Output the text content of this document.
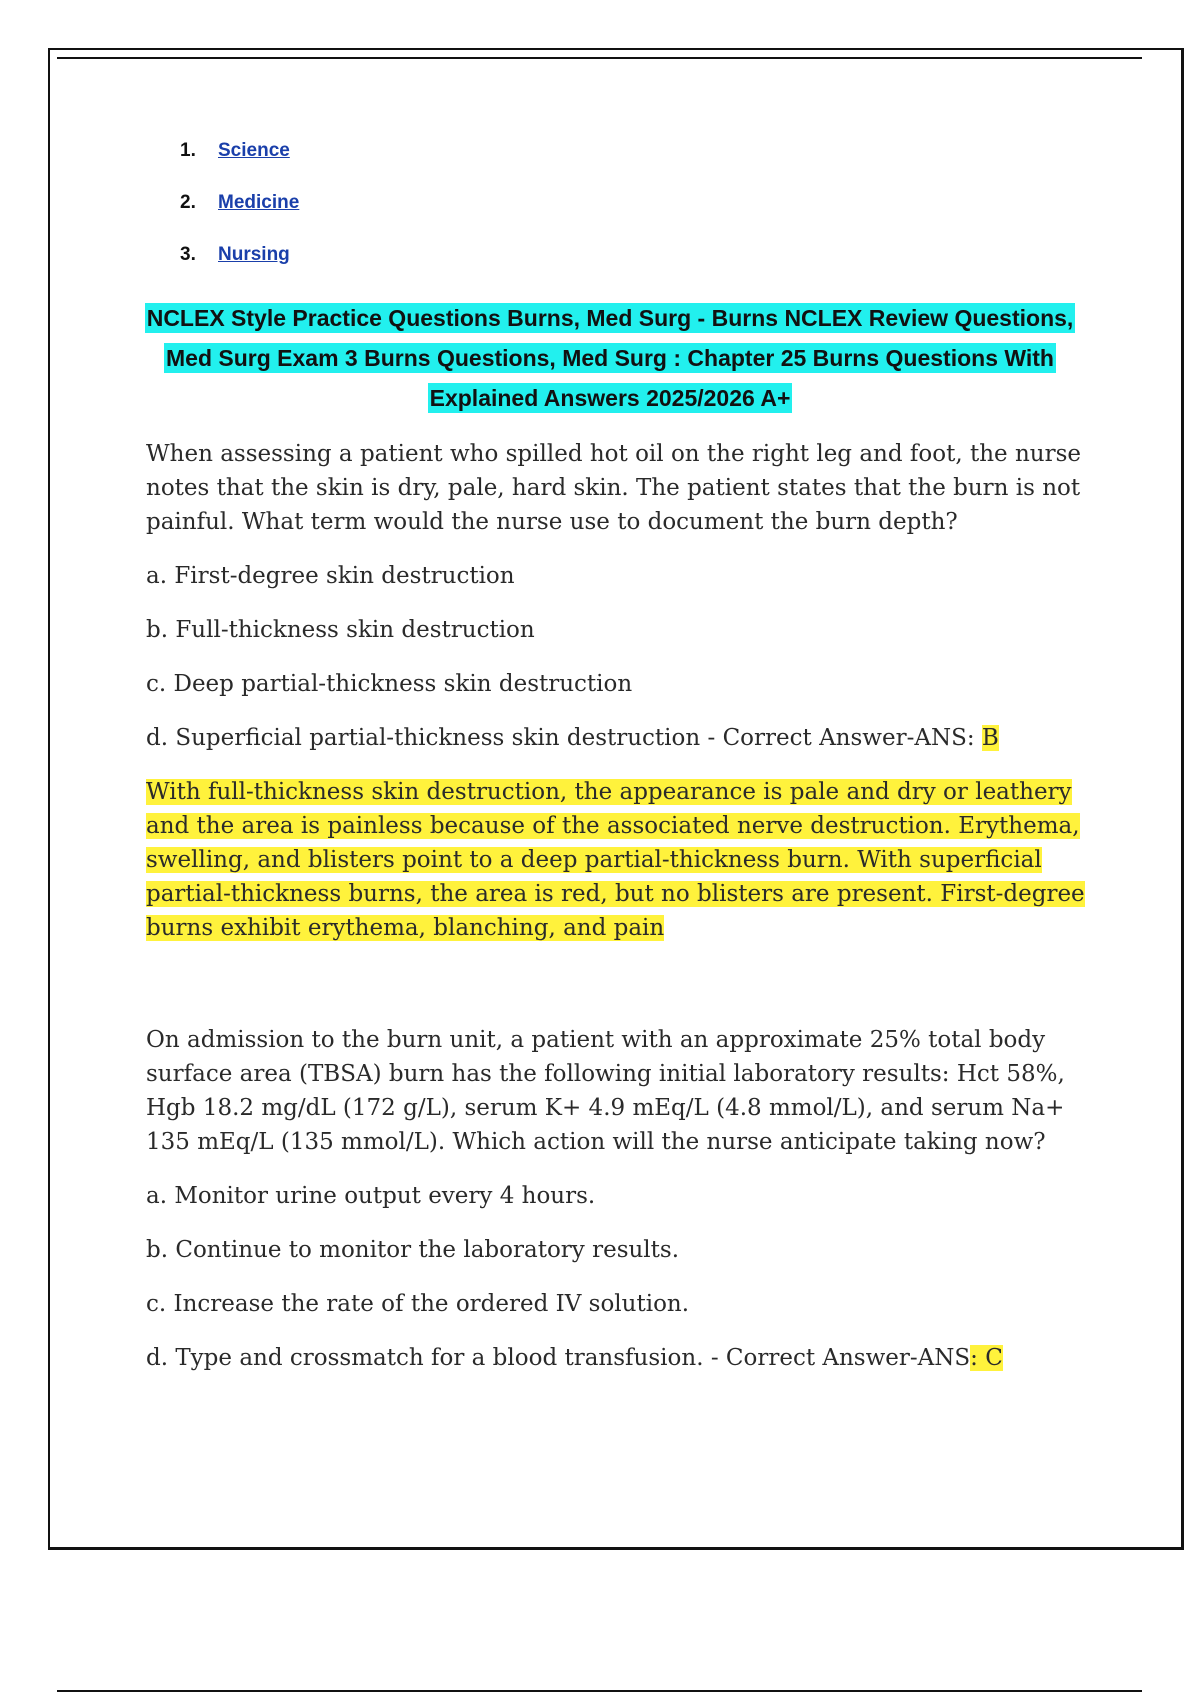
1.	Science
2.	Medicine
3.	Nursing
NCLEX Style Practice Questions Burns, Med Surg - Burns NCLEX Review Questions, Med Surg Exam 3 Burns Questions, Med Surg : Chapter 25 Burns Questions With Explained Answers 2025/2026 A+

When assessing a patient who spilled hot oil on the right leg and foot, the nurse notes that the skin is dry, pale, hard skin. The patient states that the burn is not painful. What term would the nurse use to document the burn depth?

a. First-degree skin destruction

b. Full-thickness skin destruction

c. Deep partial-thickness skin destruction

d. Superficial partial-thickness skin destruction - Correct Answer-ANS: B

With full-thickness skin destruction, the appearance is pale and dry or leathery and the area is painless because of the associated nerve destruction. Erythema, swelling, and blisters point to a deep partial-thickness burn. With superficial partial-thickness burns, the area is red, but no blisters are present. First-degree burns exhibit erythema, blanching, and pain

On admission to the burn unit, a patient with an approximate 25% total body surface area (TBSA) burn has the following initial laboratory results: Hct 58%, Hgb 18.2 mg/dL (172 g/L), serum K+ 4.9 mEq/L (4.8 mmol/L), and serum Na+ 135 mEq/L (135 mmol/L). Which action will the nurse anticipate taking now?

a. Monitor urine output every 4 hours.

b. Continue to monitor the laboratory results.

c. Increase the rate of the ordered IV solution.

d. Type and crossmatch for a blood transfusion. - Correct Answer-ANS: C
